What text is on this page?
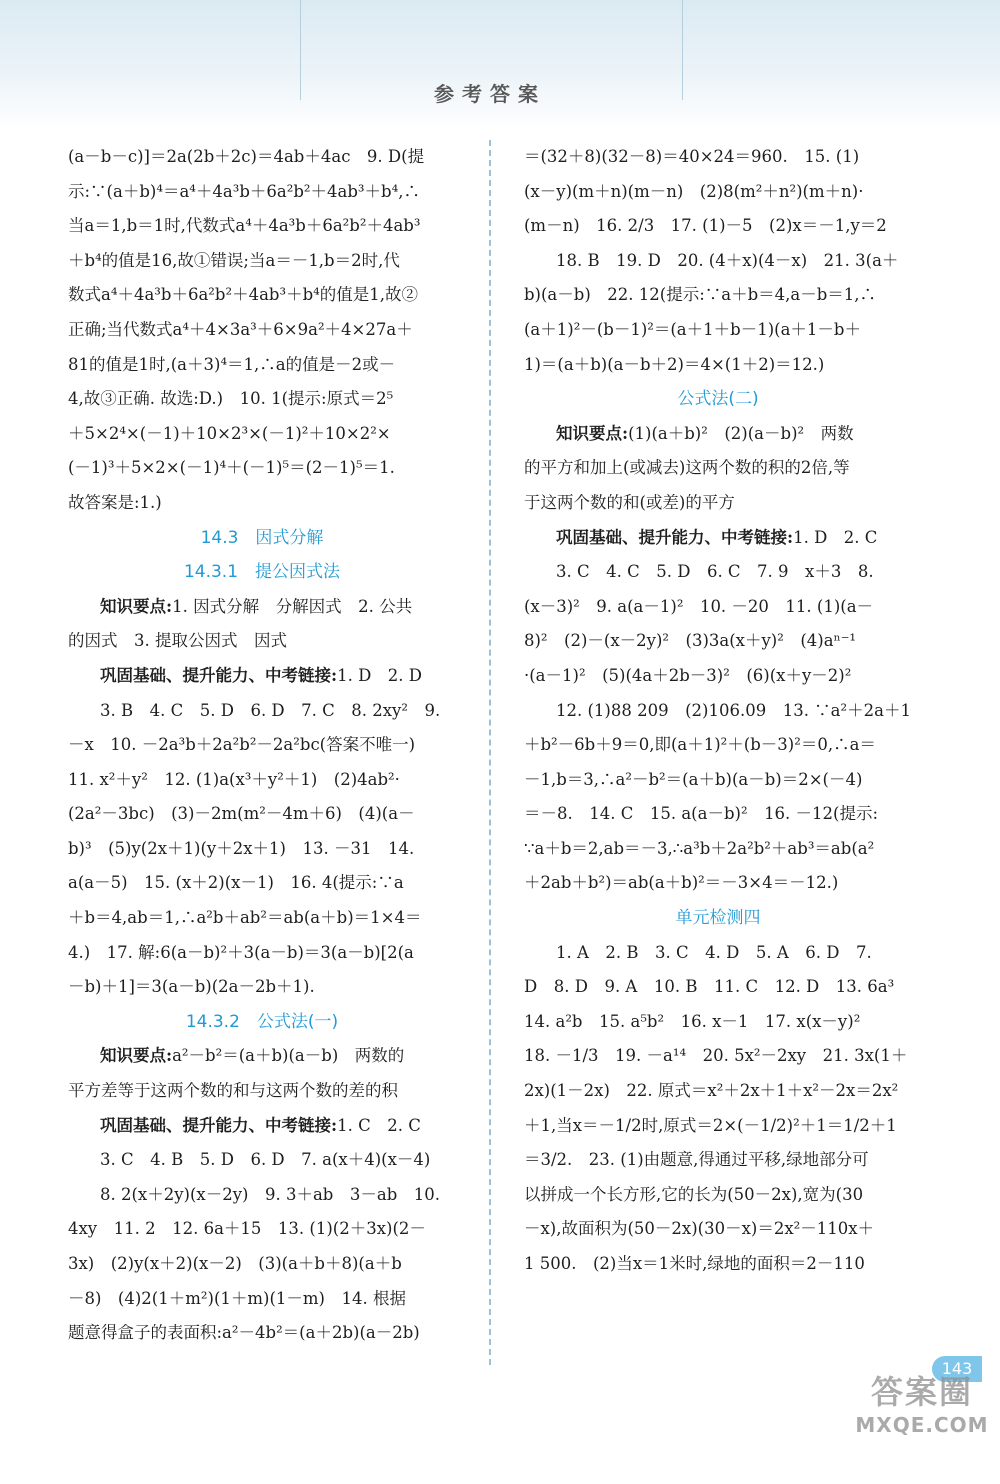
参考答案
(a－b－c)]＝2a(2b＋2c)＝4ab＋4ac　9. D(提
示:∵(a＋b)⁴＝a⁴＋4a³b＋6a²b²＋4ab³＋b⁴,∴
当a＝1,b＝1时,代数式a⁴＋4a³b＋6a²b²＋4ab³
＋b⁴的值是16,故①错误;当a＝－1,b＝2时,代
数式a⁴＋4a³b＋6a²b²＋4ab³＋b⁴的值是1,故②
正确;当代数式a⁴＋4×3a³＋6×9a²＋4×27a＋
81的值是1时,(a＋3)⁴＝1,∴a的值是－2或－
4,故③正确. 故选:D.)　10. 1(提示:原式＝2⁵
＋5×2⁴×(－1)＋10×2³×(－1)²＋10×2²×
(－1)³＋5×2×(－1)⁴＋(－1)⁵＝(2－1)⁵＝1.
故答案是:1.)
14.3　因式分解
14.3.1　提公因式法
知识要点:1. 因式分解　分解因式　2. 公共
的因式　3. 提取公因式　因式
巩固基础、提升能力、中考链接:1. D　2. D
3. B　4. C　5. D　6. D　7. C　8. 2xy²　9.
－x　10. －2a³b＋2a²b²－2a²bc(答案不唯一)
11. x²＋y²　12. (1)a(x³＋y²＋1)　(2)4ab²·
(2a²－3bc)　(3)－2m(m²－4m＋6)　(4)(a－
b)³　(5)y(2x＋1)(y＋2x＋1)　13. －31　14.
a(a－5)　15. (x＋2)(x－1)　16. 4(提示:∵a
＋b＝4,ab＝1,∴a²b＋ab²＝ab(a＋b)＝1×4＝
4.)　17. 解:6(a－b)²＋3(a－b)＝3(a－b)[2(a
－b)＋1]＝3(a－b)(2a－2b＋1).
14.3.2　公式法(一)
知识要点:a²－b²＝(a＋b)(a－b)　两数的
平方差等于这两个数的和与这两个数的差的积
巩固基础、提升能力、中考链接:1. C　2. C
3. C　4. B　5. D　6. D　7. a(x＋4)(x－4)
8. 2(x＋2y)(x－2y)　9. 3＋ab　3－ab　10.
4xy　11. 2　12. 6a＋15　13. (1)(2＋3x)(2－
3x)　(2)y(x＋2)(x－2)　(3)(a＋b＋8)(a＋b
－8)　(4)2(1＋m²)(1＋m)(1－m)　14. 根据
题意得盒子的表面积:a²－4b²＝(a＋2b)(a－2b)
＝(32＋8)(32－8)＝40×24＝960.　15. (1)
(x－y)(m＋n)(m－n)　(2)8(m²＋n²)(m＋n)·
(m－n)　16. 2/3　17. (1)－5　(2)x＝－1,y＝2
18. B　19. D　20. (4＋x)(4－x)　21. 3(a＋
b)(a－b)　22. 12(提示:∵a＋b＝4,a－b＝1,∴
(a＋1)²－(b－1)²＝(a＋1＋b－1)(a＋1－b＋
1)＝(a＋b)(a－b＋2)＝4×(1＋2)＝12.)
公式法(二)
知识要点:(1)(a＋b)²　(2)(a－b)²　两数
的平方和加上(或减去)这两个数的积的2倍,等
于这两个数的和(或差)的平方
巩固基础、提升能力、中考链接:1. D　2. C
3. C　4. C　5. D　6. C　7. 9　x＋3　8.
(x－3)²　9. a(a－1)²　10. －20　11. (1)(a－
8)²　(2)－(x－2y)²　(3)3a(x＋y)²　(4)aⁿ⁻¹
·(a－1)²　(5)(4a＋2b－3)²　(6)(x＋y－2)²
12. (1)88 209　(2)106.09　13. ∵a²＋2a＋1
＋b²－6b＋9＝0,即(a＋1)²＋(b－3)²＝0,∴a＝
－1,b＝3,∴a²－b²＝(a＋b)(a－b)＝2×(－4)
＝－8.　14. C　15. a(a－b)²　16. －12(提示:
∵a＋b＝2,ab＝－3,∴a³b＋2a²b²＋ab³＝ab(a²
＋2ab＋b²)＝ab(a＋b)²＝－3×4＝－12.)
单元检测四
1. A　2. B　3. C　4. D　5. A　6. D　7.
D　8. D　9. A　10. B　11. C　12. D　13. 6a³
14. a²b　15. a⁵b²　16. x－1　17. x(x－y)²
18. －1/3　19. －a¹⁴　20. 5x²－2xy　21. 3x(1＋
2x)(1－2x)　22. 原式＝x²＋2x＋1＋x²－2x＝2x²
＋1,当x＝－1/2时,原式＝2×(－1/2)²＋1＝1/2＋1
＝3/2.　23. (1)由题意,得通过平移,绿地部分可
以拼成一个长方形,它的长为(50－2x),宽为(30
－x),故面积为(50－2x)(30－x)＝2x²－110x＋
1 500.　(2)当x＝1米时,绿地的面积＝2－110
143
答案圈
MXQE.COM
